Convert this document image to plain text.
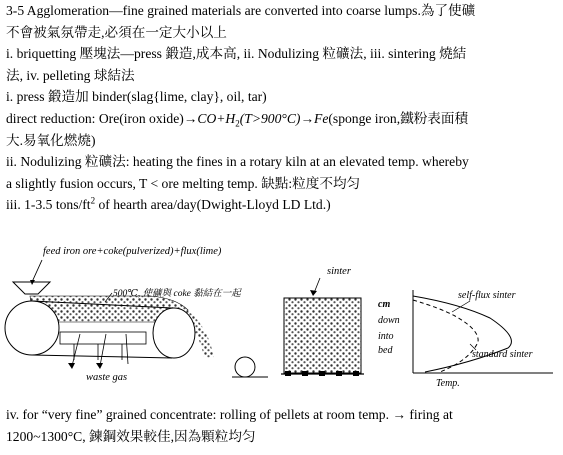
3-5 Agglomeration—fine grained materials are converted into coarse lumps.為了使礦
不會被氣氛帶走,必須在一定大小以上
i. briquetting 壓塊法—press 鍛造,成本高, ii. Nodulizing 粒礦法, iii. sintering 燒結
法, iv. pelleting 球結法
i. press 鍛造加 binder(slag{lime, clay}, oil, tar)
direct reduction: Ore(iron $oxide)\to CO+H_2(T>900^\circ C)\to Fe(sponge$ iron,鐵粉表面積
大.易氧化燃燒)
ii. Nodulizing 粒礦法: heating the fines in a rotary kiln at an elevated temp. whereby
a slightly fusion occurs, T < ore melting temp. 缺點:粒度不均匀
iii. 1-3.5 tons/$ft^2$ of hearth area/day(Dwight-Lloyd LD Ltd.)
feed iron ore+coke(pulverized)+flux(lime)
500℃, 使礦與 coke 黏結在一起
waste gas
sinter
cm
down
into
bed
self-flux sinter
standard sinter
Temp.
iv. for “very fine” grained concentrate: rolling of pellets at room temp. → firing at
1200~1300°C, 鍊鋼效果較佳,因為顆粒均匀
